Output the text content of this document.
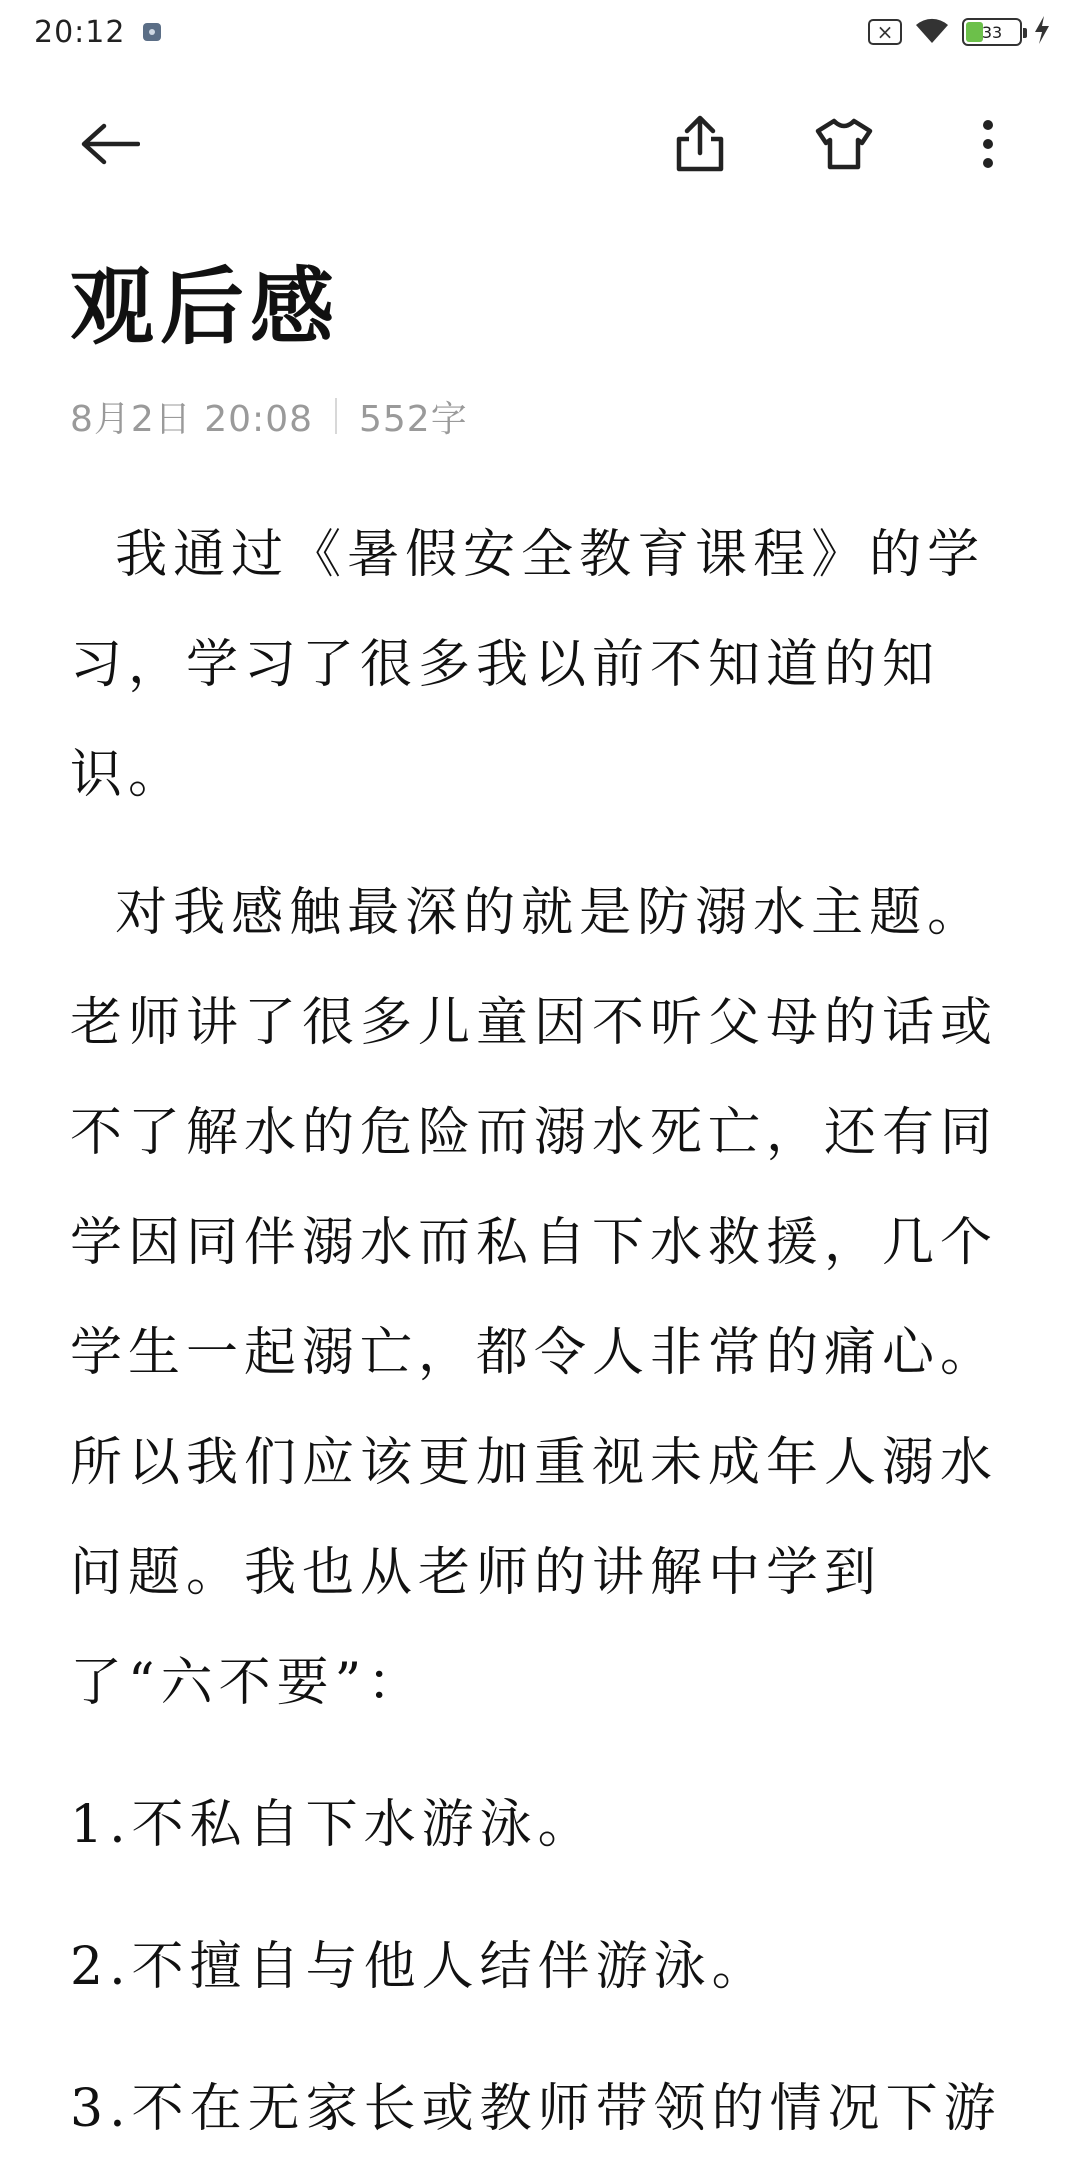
20:12	×	33
观后感
8月2日 20:08 552字

我通过《暑假安全教育课程》的学习，学习了很多我以前不知道的知识。

对我感触最深的就是防溺水主题。老师讲了很多儿童因不听父母的话或不了解水的危险而溺水死亡，还有同学因同伴溺水而私自下水救援，几个学生一起溺亡，都令人非常的痛心。所以我们应该更加重视未成年人溺水问题。我也从老师的讲解中学到了“六不要”：

1.不私自下水游泳。

2.不擅自与他人结伴游泳。

3.不在无家长或教师带领的情况下游
